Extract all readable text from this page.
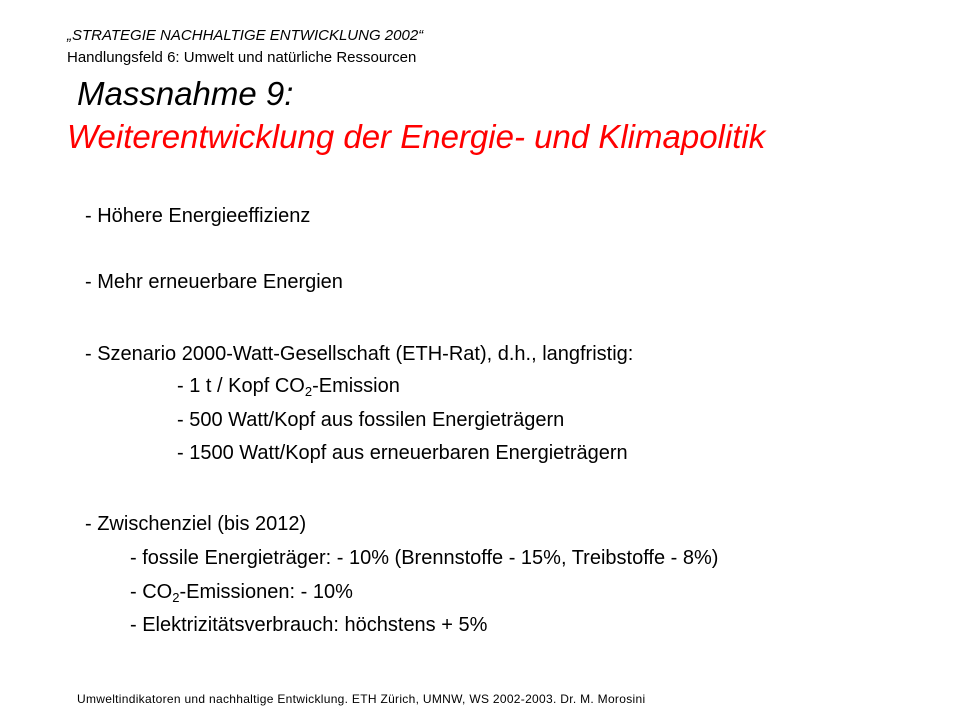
„STRATEGIE NACHHALTIGE ENTWICKLUNG 2002“
Handlungsfeld 6: Umwelt und natürliche Ressourcen
Massnahme 9:
Weiterentwicklung der Energie- und Klimapolitik
- Höhere Energieeffizienz
- Mehr erneuerbare Energien
- Szenario 2000-Watt-Gesellschaft (ETH-Rat), d.h., langfristig:
- 1 t / Kopf $CO_2$-Emission
- 500 Watt/Kopf aus fossilen Energieträgern
- 1500 Watt/Kopf aus erneuerbaren Energieträgern
- Zwischenziel (bis 2012)
- fossile Energieträger: - 10% (Brennstoffe - 15%, Treibstoffe - 8%)
- $CO_2$-Emissionen: - 10%
- Elektrizitätsverbrauch: höchstens + 5%
Umweltindikatoren und nachhaltige Entwicklung. ETH Zürich, UMNW, WS 2002-2003. Dr. M. Morosini
